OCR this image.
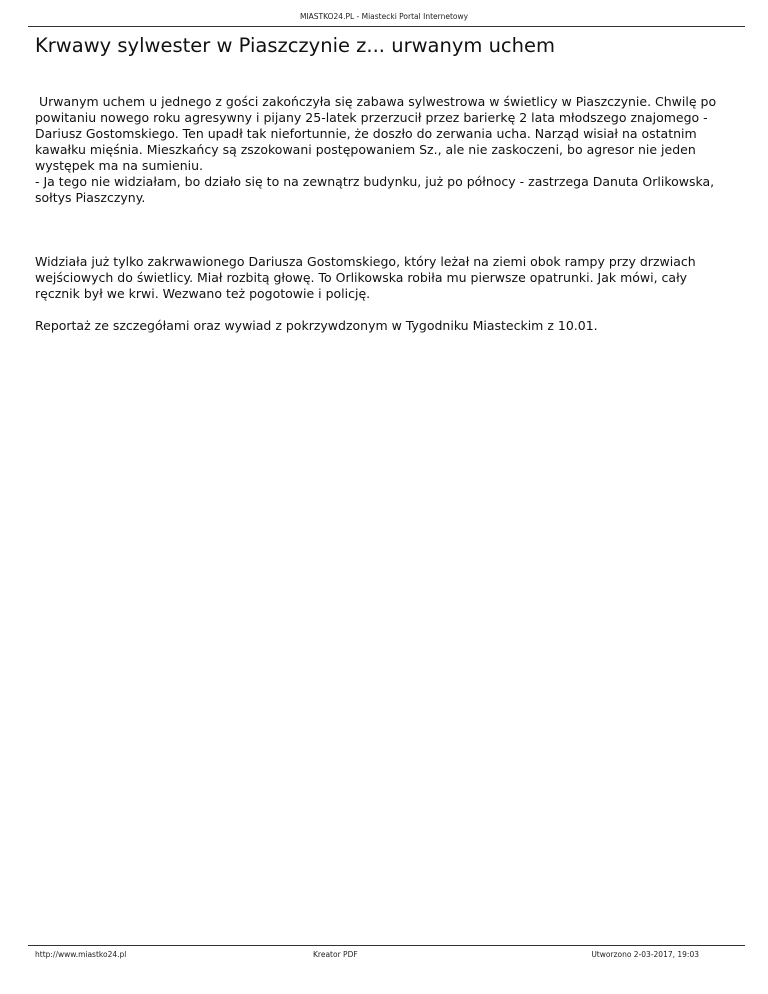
MIASTKO24.PL - Miastecki Portal Internetowy
Krwawy sylwester w Piaszczynie z... urwanym uchem

Urwanym uchem u jednego z gości zakończyła się zabawa sylwestrowa w świetlicy w Piaszczynie. Chwilę po powitaniu nowego roku agresywny i pijany 25-latek przerzucił przez barierkę 2 lata młodszego znajomego - Dariusz Gostomskiego. Ten upadł tak niefortunnie, że doszło do zerwania ucha. Narząd wisiał na ostatnim kawałku mięśnia. Mieszkańcy są zszokowani postępowaniem Sz., ale nie zaskoczeni, bo agresor nie jeden występek ma na sumieniu.

- Ja tego nie widziałam, bo działo się to na zewnątrz budynku, już po północy - zastrzega Danuta Orlikowska, sołtys Piaszczyny.

Widziała już tylko zakrwawionego Dariusza Gostomskiego, który leżał na ziemi obok rampy przy drzwiach wejściowych do świetlicy. Miał rozbitą głowę. To Orlikowska robiła mu pierwsze opatrunki. Jak mówi, cały ręcznik był we krwi. Wezwano też pogotowie i policję.

Reportaż ze szczegółami oraz wywiad z pokrzywdzonym w Tygodniku Miasteckim z 10.01.

http://www.miastko24.pl	Kreator PDF	Utworzono 2-03-2017, 19:03
